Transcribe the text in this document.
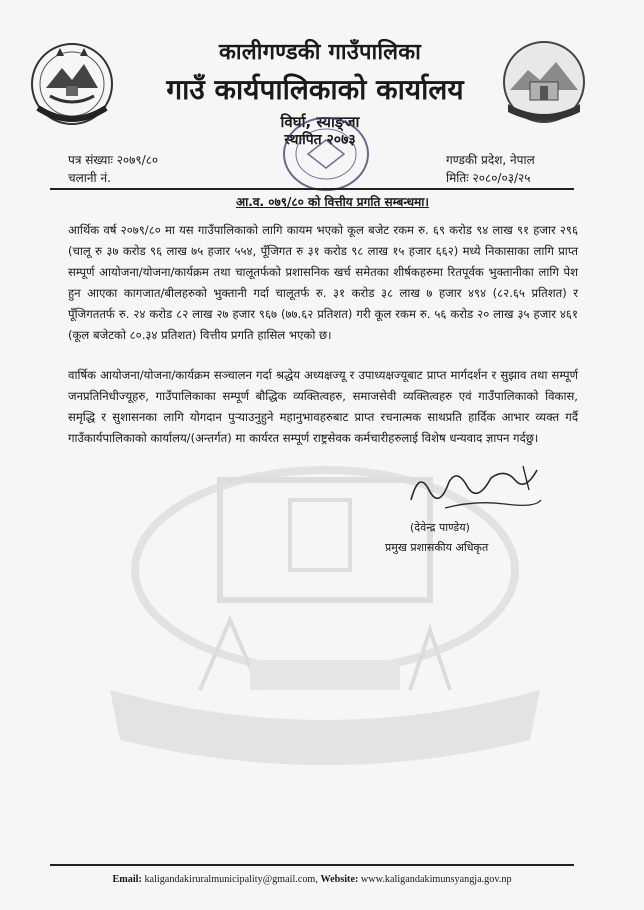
कालीगण्डकी गाउँपालिका
गाउँ कार्यपालिकाको कार्यालय
विर्घा, स्याङ्जा
स्थापित २०७३
पत्र संख्याः २०७९/८०
चलानी नं.
गण्डकी प्रदेश, नेपाल
मितिः २०८०/०३/२५
आ.व. ०७९/८० को वित्तीय प्रगति सम्बन्धमा।
आर्थिक वर्ष २०७९/८० मा यस गाउँपालिकाको लागि कायम भएको कूल बजेट रकम रु. ६९ करोड ९४ लाख ९१ हजार २९६ (चालू रु ३७ करोड ९६ लाख ७५ हजार ५५४, पूँजिगत रु ३१ करोड ९८ लाख १५ हजार ६६२) मध्ये निकासाका लागि प्राप्त सम्पूर्ण आयोजना/योजना/कार्यक्रम तथा चालूतर्फको प्रशासनिक खर्च समेतका शीर्षकहरुमा रितपूर्वक भुक्तानीका लागि पेश हुन आएका कागजात/बीलहरुको भुक्तानी गर्दा चालूतर्फ रु. ३१ करोड ३८ लाख ७ हजार ४९४ (८२.६५ प्रतिशत) र पूँजिगततर्फ रु. २४ करोड ८२ लाख २७ हजार ९६७ (७७.६२ प्रतिशत) गरी कूल रकम रु. ५६ करोड २० लाख ३५ हजार ४६१ (कूल बजेटको ८०.३४ प्रतिशत) वित्तीय प्रगति हासिल भएको छ।
वार्षिक आयोजना/योजना/कार्यक्रम सञ्चालन गर्दा श्रद्धेय अध्यक्षज्यू र उपाध्यक्षज्यूबाट प्राप्त मार्गदर्शन र सुझाव तथा सम्पूर्ण जनप्रतिनिधीज्यूहरु, गाउँपालिकाका सम्पूर्ण बौद्धिक व्यक्तित्वहरु, समाजसेवी व्यक्तित्वहरु एवं गाउँपालिकाको विकास, समृद्धि र सुशासनका लागि योगदान पुऱ्याउनुहुने महानुभावहरुबाट प्राप्त रचनात्मक साथप्रति हार्दिक आभार व्यक्त गर्दै गाउँकार्यपालिकाको कार्यालय/(अन्तर्गत) मा कार्यरत सम्पूर्ण राष्ट्रसेवक कर्मचारीहरुलाई विशेष धन्यवाद ज्ञापन गर्दछु।
(देवेन्द्र पाण्डेय)
प्रमुख प्रशासकीय अधिकृत
Email: kaligandakiruralmunicipality@gmail.com, Website: www.kaligandakimunsyangja.gov.np
